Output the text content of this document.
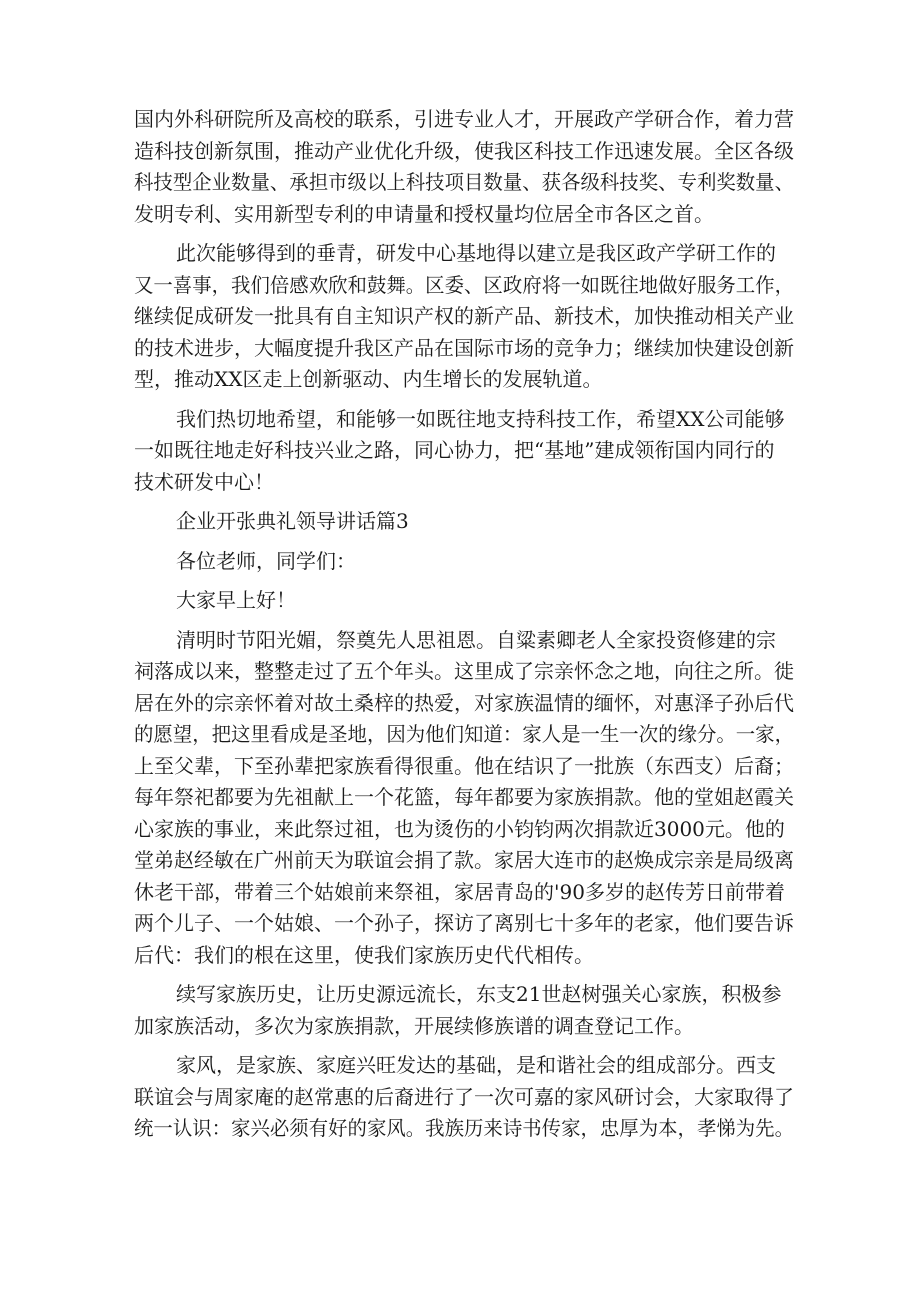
国内外科研院所及高校的联系，引进专业人才，开展政产学研合作，着力营
造科技创新氛围，推动产业优化升级，使我区科技工作迅速发展。全区各级
科技型企业数量、承担市级以上科技项目数量、获各级科技奖、专利奖数量、
发明专利、实用新型专利的申请量和授权量均位居全市各区之首。
此次能够得到的垂青，研发中心基地得以建立是我区政产学研工作的
又一喜事，我们倍感欢欣和鼓舞。区委、区政府将一如既往地做好服务工作，
继续促成研发一批具有自主知识产权的新产品、新技术，加快推动相关产业
的技术进步，大幅度提升我区产品在国际市场的竞争力；继续加快建设创新
型，推动XX区走上创新驱动、内生增长的发展轨道。
我们热切地希望，和能够一如既往地支持科技工作，希望XX公司能够
一如既往地走好科技兴业之路，同心协力，把“基地”建成领衔国内同行的
技术研发中心！
企业开张典礼领导讲话篇3
各位老师，同学们：
大家早上好！
清明时节阳光媚，祭奠先人思祖恩。自粱素卿老人全家投资修建的宗
祠落成以来，整整走过了五个年头。这里成了宗亲怀念之地，向往之所。徙
居在外的宗亲怀着对故土桑梓的热爱，对家族温情的缅怀，对惠泽子孙后代
的愿望，把这里看成是圣地，因为他们知道：家人是一生一次的缘分。一家，
上至父辈，下至孙辈把家族看得很重。他在结识了一批族（东西支）后裔；
每年祭祀都要为先祖献上一个花篮，每年都要为家族捐款。他的堂姐赵霞关
心家族的事业，来此祭过祖，也为烫伤的小钧钧两次捐款近3000元。他的
堂弟赵经敏在广州前天为联谊会捐了款。家居大连市的赵焕成宗亲是局级离
休老干部，带着三个姑娘前来祭祖，家居青岛的'90多岁的赵传芳日前带着
两个儿子、一个姑娘、一个孙子，探访了离别七十多年的老家，他们要告诉
后代：我们的根在这里，使我们家族历史代代相传。
续写家族历史，让历史源远流长，东支21世赵树强关心家族，积极参
加家族活动，多次为家族捐款，开展续修族谱的调查登记工作。
家风，是家族、家庭兴旺发达的基础，是和谐社会的组成部分。西支
联谊会与周家庵的赵常惠的后裔进行了一次可嘉的家风研讨会，大家取得了
统一认识：家兴必须有好的家风。我族历来诗书传家，忠厚为本，孝悌为先。
